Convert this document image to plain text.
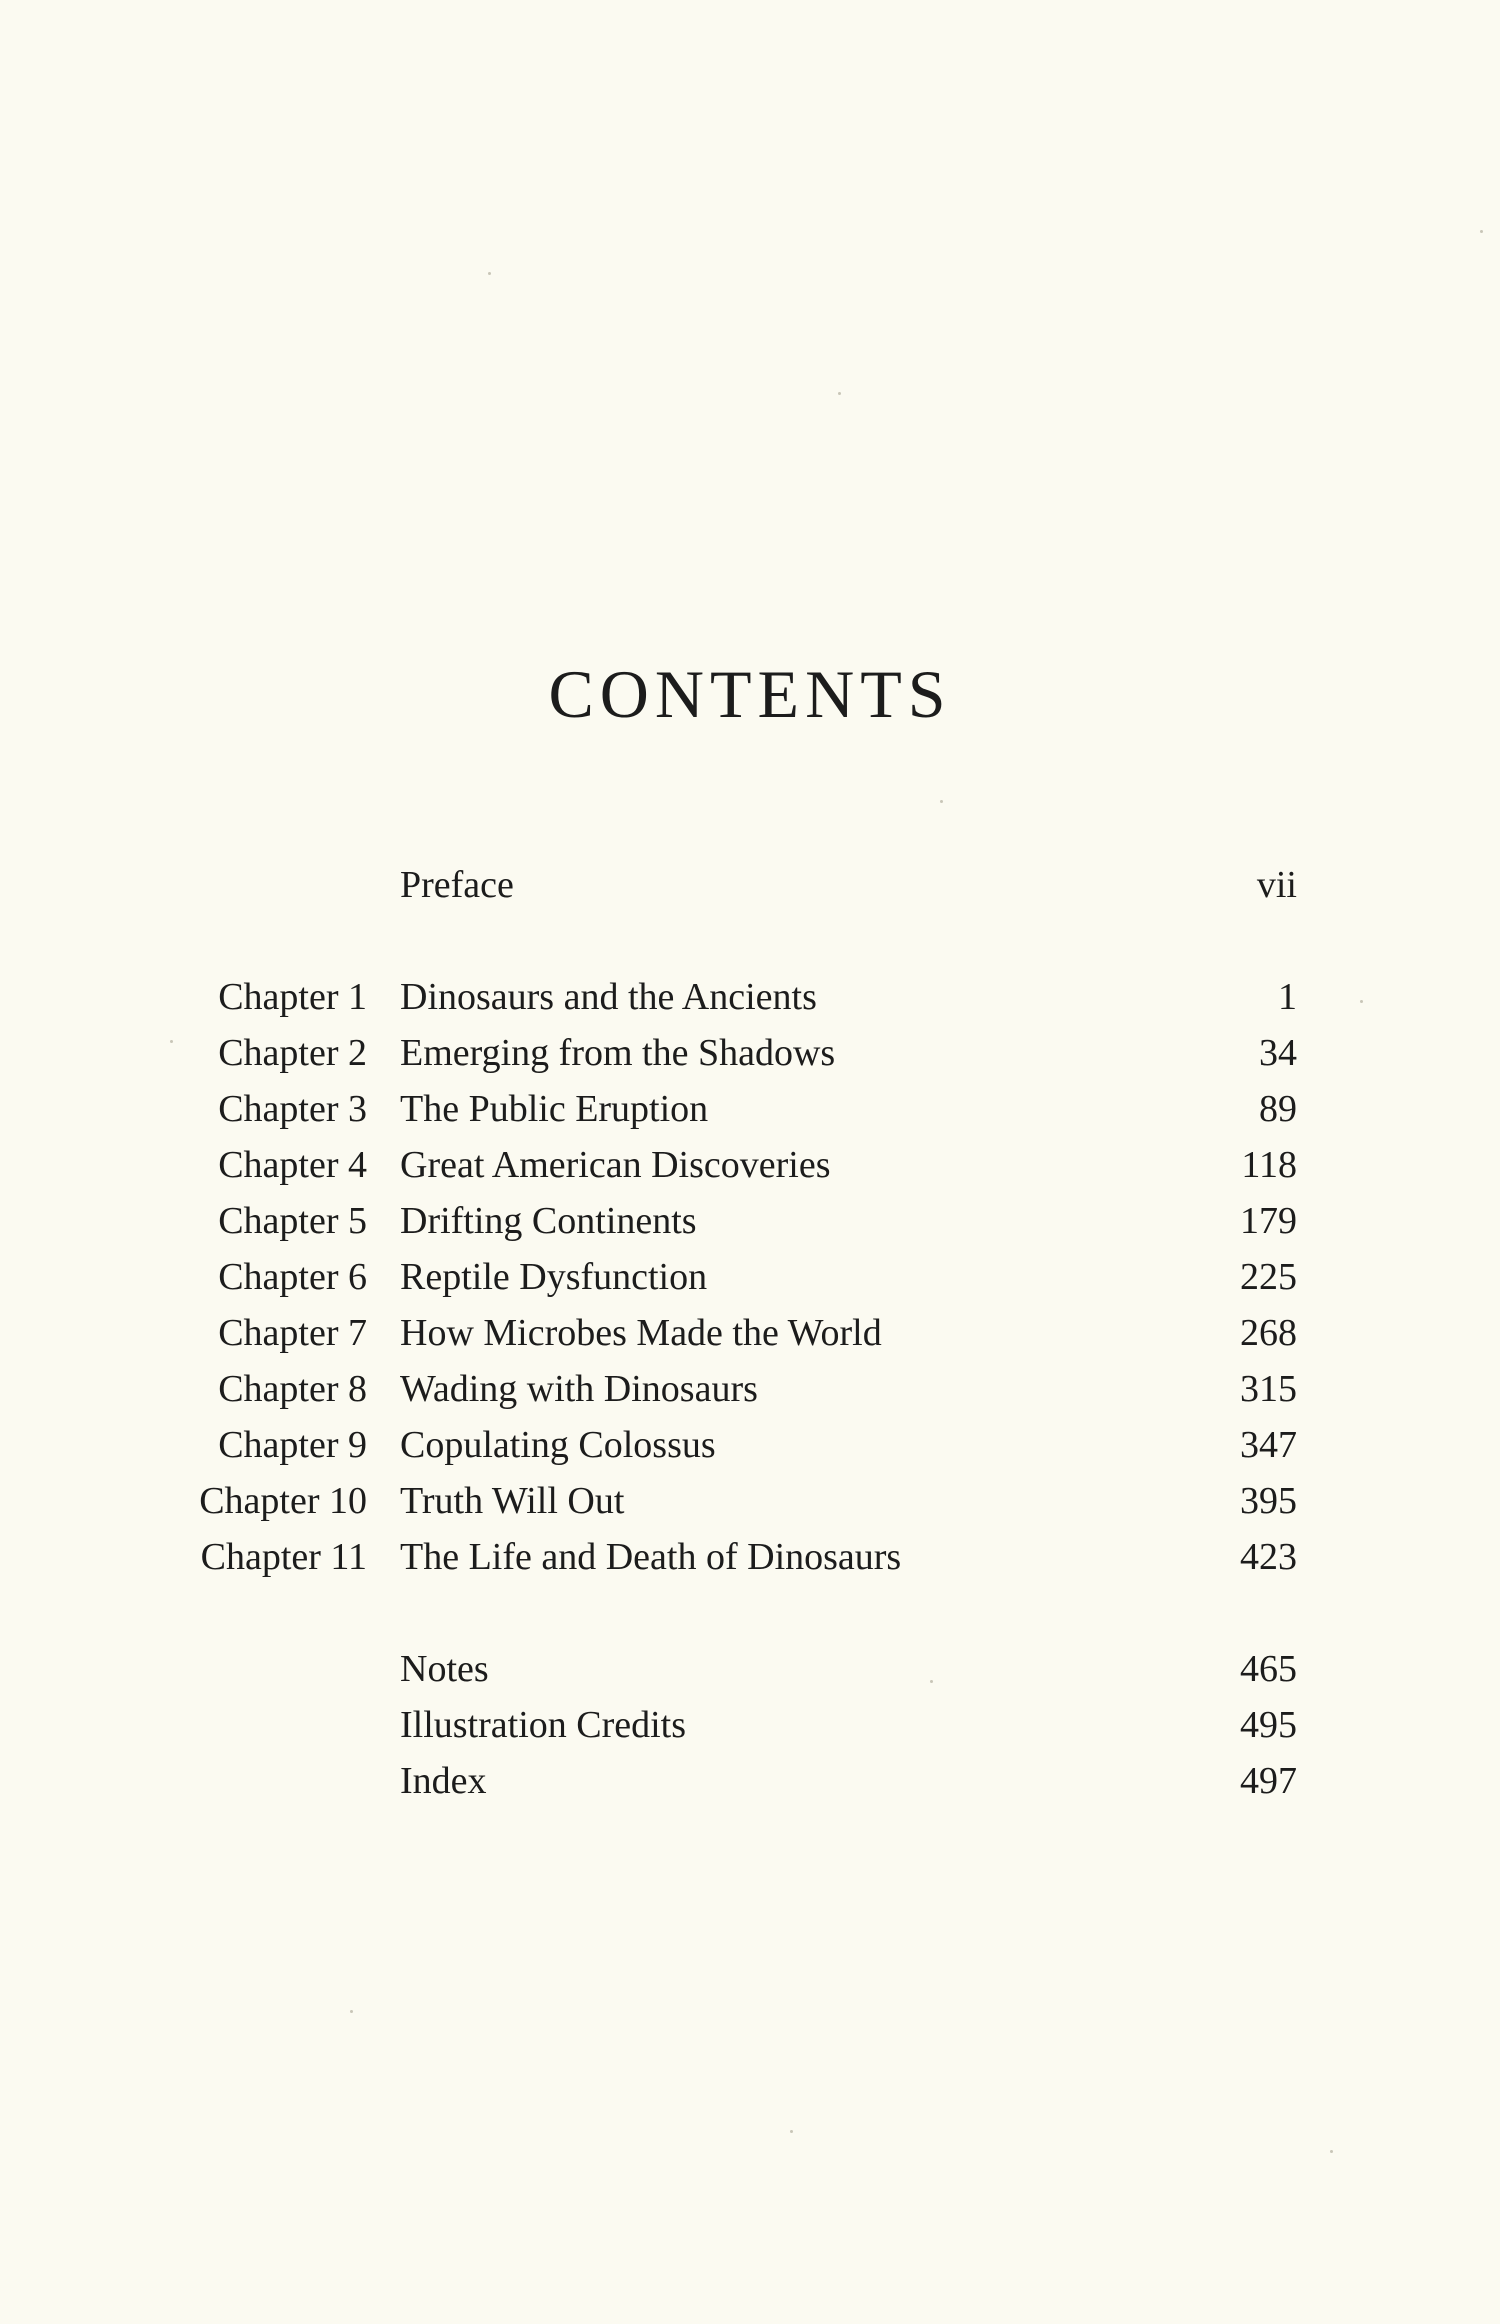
CONTENTS
Preface	vii
Chapter 1 Dinosaurs and the Ancients	1
Chapter 2 Emerging from the Shadows	34
Chapter 3 The Public Eruption	89
Chapter 4 Great American Discoveries	118
Chapter 5 Drifting Continents	179
Chapter 6 Reptile Dysfunction	225
Chapter 7 How Microbes Made the World	268
Chapter 8 Wading with Dinosaurs	315
Chapter 9 Copulating Colossus	347
Chapter 10 Truth Will Out	395
Chapter 11 The Life and Death of Dinosaurs	423
Notes	465
Illustration Credits	495
Index	497
